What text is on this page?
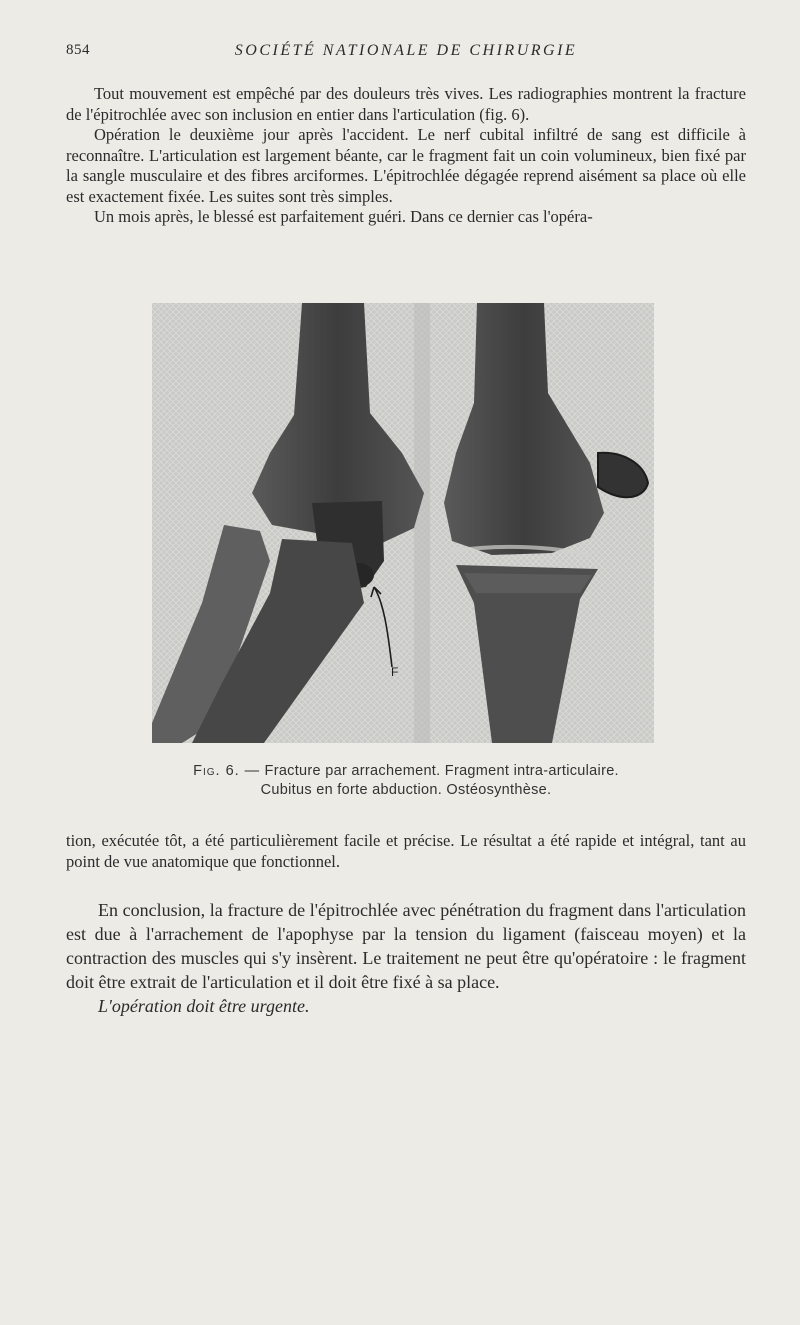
854	SOCIÉTÉ NATIONALE DE CHIRURGIE

Tout mouvement est empêché par des douleurs très vives. Les radiographies montrent la fracture de l'épitrochlée avec son inclusion en entier dans l'articulation (fig. 6).

Opération le deuxième jour après l'accident. Le nerf cubital infiltré de sang est difficile à reconnaître. L'articulation est largement béante, car le fragment fait un coin volumineux, bien fixé par la sangle musculaire et des fibres arciformes. L'épitrochlée dégagée reprend aisément sa place où elle est exactement fixée. Les suites sont très simples.

Un mois après, le blessé est parfaitement guéri. Dans ce dernier cas l'opéra-

F
Fig. 6. — Fracture par arrachement. Fragment intra-articulaire.
Cubitus en forte abduction. Ostéosynthèse.

tion, exécutée tôt, a été particulièrement facile et précise. Le résultat a été rapide et intégral, tant au point de vue anatomique que fonctionnel.

En conclusion, la fracture de l'épitrochlée avec pénétration du fragment dans l'articulation est due à l'arrachement de l'apophyse par la tension du ligament (faisceau moyen) et la contraction des muscles qui s'y insèrent. Le traitement ne peut être qu'opératoire : le fragment doit être extrait de l'articulation et il doit être fixé à sa place.

L'opération doit être urgente.
